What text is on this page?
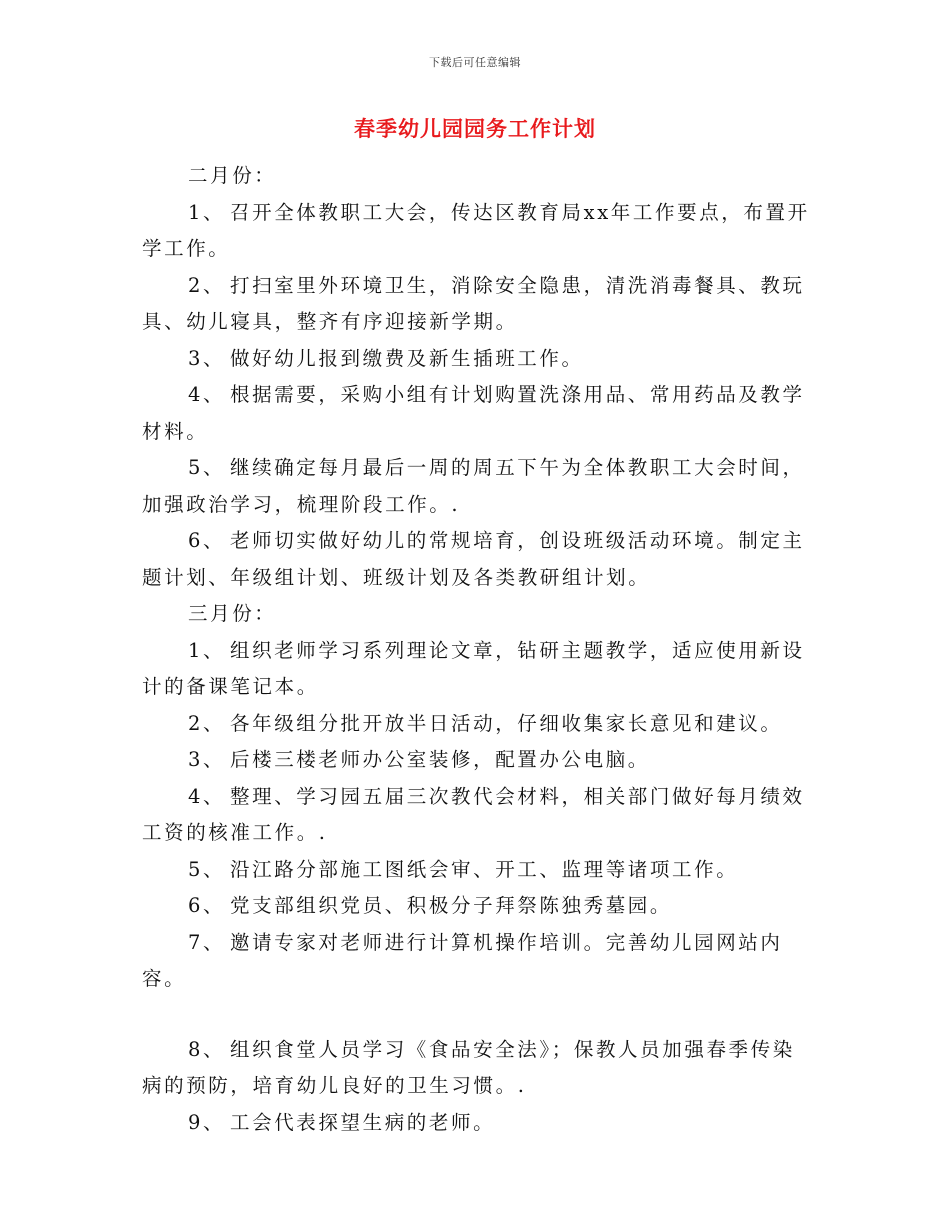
下载后可任意编辑
春季幼儿园园务工作计划

二月份：

1、 召开全体教职工大会，传达区教育局xx年工作要点，布置开学工作。

2、 打扫室里外环境卫生，消除安全隐患，清洗消毒餐具、教玩具、幼儿寝具，整齐有序迎接新学期。

3、 做好幼儿报到缴费及新生插班工作。

4、 根据需要，采购小组有计划购置洗涤用品、常用药品及教学材料。

5、 继续确定每月最后一周的周五下午为全体教职工大会时间，加强政治学习，梳理阶段工作。.

6、 老师切实做好幼儿的常规培育，创设班级活动环境。制定主题计划、年级组计划、班级计划及各类教研组计划。

三月份：

1、 组织老师学习系列理论文章，钻研主题教学，适应使用新设计的备课笔记本。

2、 各年级组分批开放半日活动，仔细收集家长意见和建议。

3、 后楼三楼老师办公室装修，配置办公电脑。

4、 整理、学习园五届三次教代会材料，相关部门做好每月绩效工资的核准工作。.

5、 沿江路分部施工图纸会审、开工、监理等诸项工作。

6、 党支部组织党员、积极分子拜祭陈独秀墓园。

7、 邀请专家对老师进行计算机操作培训。完善幼儿园网站内容。

8、 组织食堂人员学习《食品安全法》；保教人员加强春季传染病的预防，培育幼儿良好的卫生习惯。.

9、 工会代表探望生病的老师。
